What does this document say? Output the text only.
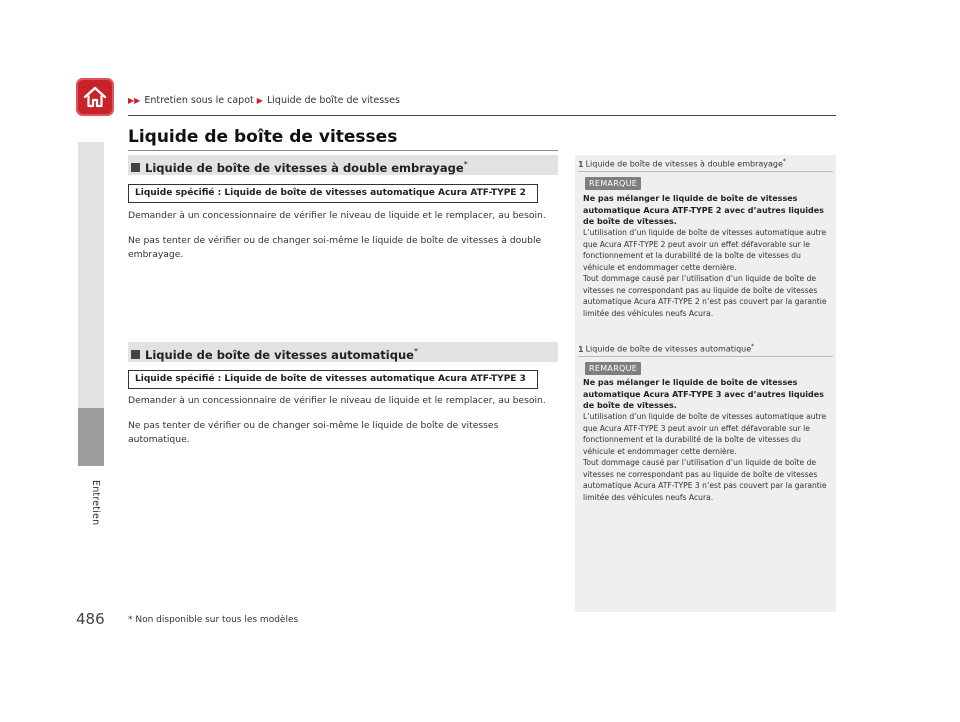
▶▶ Entretien sous le capot ▶ Liquide de boîte de vitesses
Entretien
Liquide de boîte de vitesses
Liquide de boîte de vitesses à double embrayage*
Liquide spécifié : Liquide de boîte de vitesses automatique Acura ATF-TYPE 2
Demander à un concessionnaire de vérifier le niveau de liquide et le remplacer, au besoin.
Ne pas tenter de vérifier ou de changer soi-même le liquide de boîte de vitesses à double embrayage.
Liquide de boîte de vitesses automatique*
Liquide spécifié : Liquide de boîte de vitesses automatique Acura ATF-TYPE 3
Demander à un concessionnaire de vérifier le niveau de liquide et le remplacer, au besoin.
Ne pas tenter de vérifier ou de changer soi-même le liquide de boîte de vitesses automatique.
1 Liquide de boîte de vitesses à double embrayage*
REMARQUE
Ne pas mélanger le liquide de boîte de vitesses automatique Acura ATF-TYPE 2 avec d’autres liquides de boîte de vitesses.

L’utilisation d’un liquide de boîte de vitesses automatique autre que Acura ATF-TYPE 2 peut avoir un effet défavorable sur le fonctionnement et la durabilité de la boîte de vitesses du véhicule et endommager cette dernière.

Tout dommage causé par l’utilisation d’un liquide de boîte de vitesses ne correspondant pas au liquide de boîte de vitesses automatique Acura ATF-TYPE 2 n’est pas couvert par la garantie limitée des véhicules neufs Acura.

1 Liquide de boîte de vitesses automatique*
REMARQUE
Ne pas mélanger le liquide de boîte de vitesses automatique Acura ATF-TYPE 3 avec d’autres liquides de boîte de vitesses.

L’utilisation d’un liquide de boîte de vitesses automatique autre que Acura ATF-TYPE 3 peut avoir un effet défavorable sur le fonctionnement et la durabilité de la boîte de vitesses du véhicule et endommager cette dernière.

Tout dommage causé par l’utilisation d’un liquide de boîte de vitesses ne correspondant pas au liquide de boîte de vitesses automatique Acura ATF-TYPE 3 n’est pas couvert par la garantie limitée des véhicules neufs Acura.

486	* Non disponible sur tous les modèles
